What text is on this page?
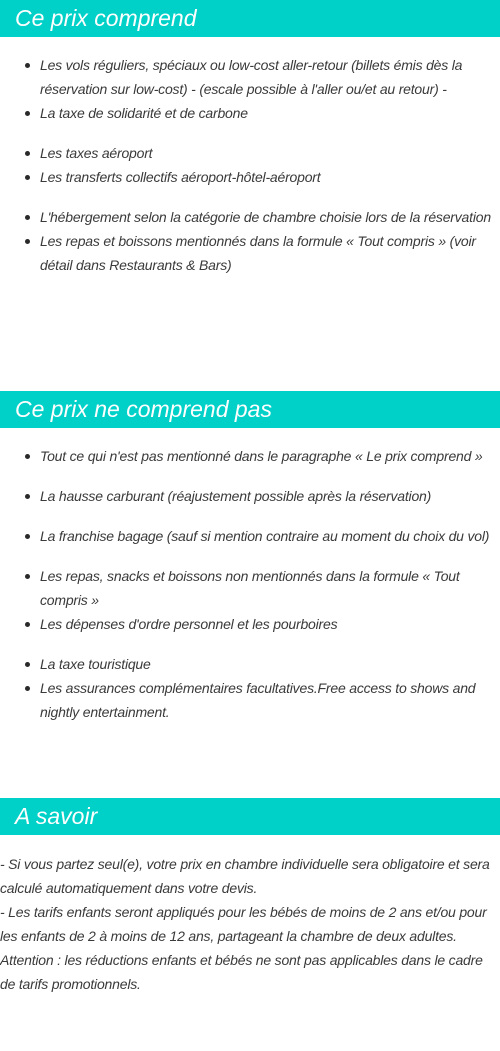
Ce prix comprend
Les vols réguliers, spéciaux ou low-cost aller-retour (billets émis dès la réservation sur low-cost) - (escale possible à l'aller ou/et au retour) -
La taxe de solidarité et de carbone
Les taxes aéroport
Les transferts collectifs aéroport-hôtel-aéroport
L'hébergement selon la catégorie de chambre choisie lors de la réservation
Les repas et boissons mentionnés dans la formule « Tout compris » (voir détail dans Restaurants & Bars)
Ce prix ne comprend pas
Tout ce qui n'est pas mentionné dans le paragraphe « Le prix comprend »
La hausse carburant (réajustement possible après la réservation)
La franchise bagage (sauf si mention contraire au moment du choix du vol)
Les repas, snacks et boissons non mentionnés dans la formule « Tout compris »
Les dépenses d'ordre personnel et les pourboires
La taxe touristique
Les assurances complémentaires facultatives.Free access to shows and nightly entertainment.
A savoir

- Si vous partez seul(e), votre prix en chambre individuelle sera obligatoire et sera calculé automatiquement dans votre devis.

- Les tarifs enfants seront appliqués pour les bébés de moins de 2 ans et/ou pour les enfants de 2 à moins de 12 ans, partageant la chambre de deux adultes.

Attention : les réductions enfants et bébés ne sont pas applicables dans le cadre de tarifs promotionnels.
